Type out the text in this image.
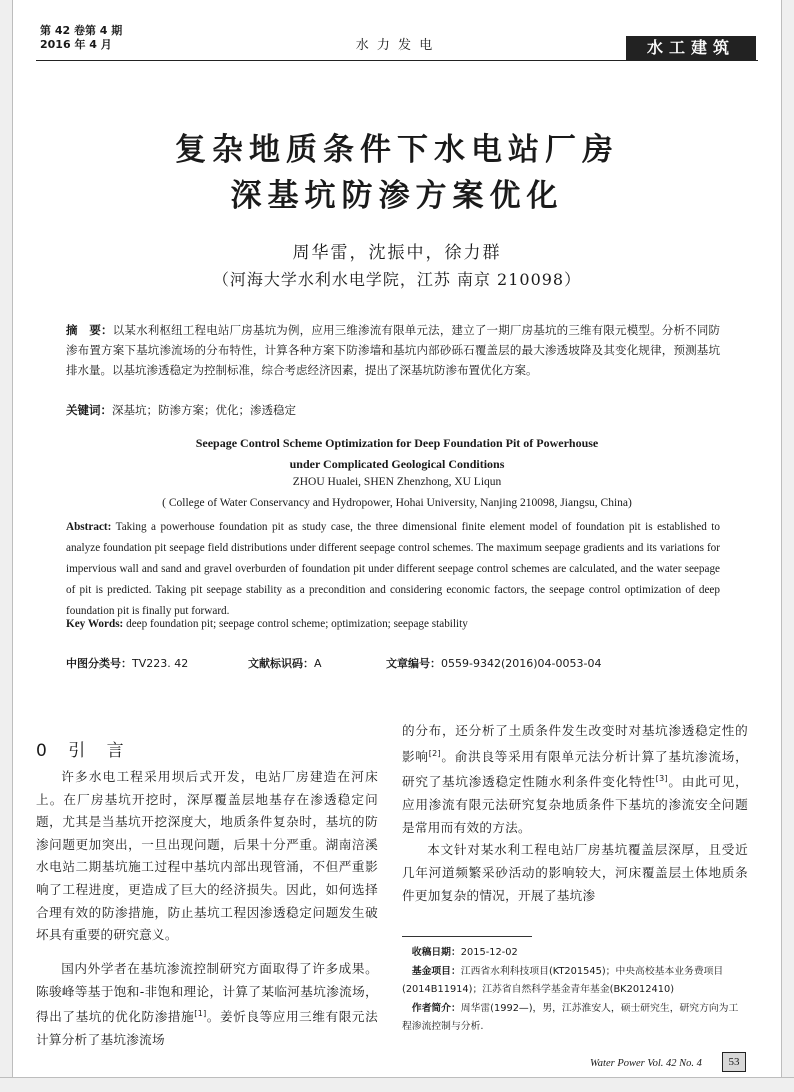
第 42 卷第 4 期
2016 年 4 月	水 力 发 电	水工建筑
复杂地质条件下水电站厂房
深基坑防渗方案优化
周华雷，沈振中，徐力群
（河海大学水利水电学院，江苏 南京 210098）
摘　要：以某水利枢纽工程电站厂房基坑为例，应用三维渗流有限单元法，建立了一期厂房基坑的三维有限元模型。分析不同防渗布置方案下基坑渗流场的分布特性，计算各种方案下防渗墙和基坑内部砂砾石覆盖层的最大渗透坡降及其变化规律，预测基坑排水量。以基坑渗透稳定为控制标准，综合考虑经济因素，提出了深基坑防渗布置优化方案。
关键词：深基坑；防渗方案；优化；渗透稳定
Seepage Control Scheme Optimization for Deep Foundation Pit of Powerhouse
under Complicated Geological Conditions
ZHOU Hualei, SHEN Zhenzhong, XU Liqun
( College of Water Conservancy and Hydropower, Hohai University, Nanjing 210098, Jiangsu, China)
Abstract: Taking a powerhouse foundation pit as study case, the three dimensional finite element model of foundation pit is established to analyze foundation pit seepage field distributions under different seepage control schemes. The maximum seepage gradients and its variations for impervious wall and sand and gravel overburden of foundation pit under different seepage control schemes are calculated, and the water seepage of pit is predicted. Taking pit seepage stability as a precondition and considering economic factors, the seepage control optimization of deep foundation pit is finally put forward.
Key Words: deep foundation pit; seepage control scheme; optimization; seepage stability
中图分类号：TV223. 42	文献标识码：A	文章编号：0559-9342(2016)04-0053-04
0 引 言

许多水电工程采用坝后式开发，电站厂房建造在河床上。在厂房基坑开挖时，深厚覆盖层地基存在渗透稳定问题，尤其是当基坑开挖深度大，地质条件复杂时，基坑的防渗问题更加突出，一旦出现问题，后果十分严重。湖南涪溪水电站二期基坑施工过程中基坑内部出现管涌，不但严重影响了工程进度，更造成了巨大的经济损失。因此，如何选择合理有效的防渗措施，防止基坑工程因渗透稳定问题发生破坏具有重要的研究意义。

国内外学者在基坑渗流控制研究方面取得了许多成果。陈骏峰等基于饱和-非饱和理论，计算了某临河基坑渗流场，得出了基坑的优化防渗措施[1]。姜忻良等应用三维有限元法计算分析了基坑渗流场

的分布，还分析了土质条件发生改变时对基坑渗透稳定性的影响[2]。俞洪良等采用有限单元法分析计算了基坑渗流场，研究了基坑渗透稳定性随水利条件变化特性[3]。由此可见，应用渗流有限元法研究复杂地质条件下基坑的渗流安全问题是常用而有效的方法。

本文针对某水利工程电站厂房基坑覆盖层深厚，且受近几年河道频繁采砂活动的影响较大，河床覆盖层土体地质条件更加复杂的情况，开展了基坑渗

收稿日期：2015-12-02
基金项目：江西省水利科技项目(KT201545)；中央高校基本业务费项目(2014B11914)；江苏省自然科学基金青年基金(BK2012410)
作者简介：周华雷(1992—)，男，江苏淮安人，硕士研究生，研究方向为工程渗流控制与分析.
Water Power Vol. 42 No. 4	53
